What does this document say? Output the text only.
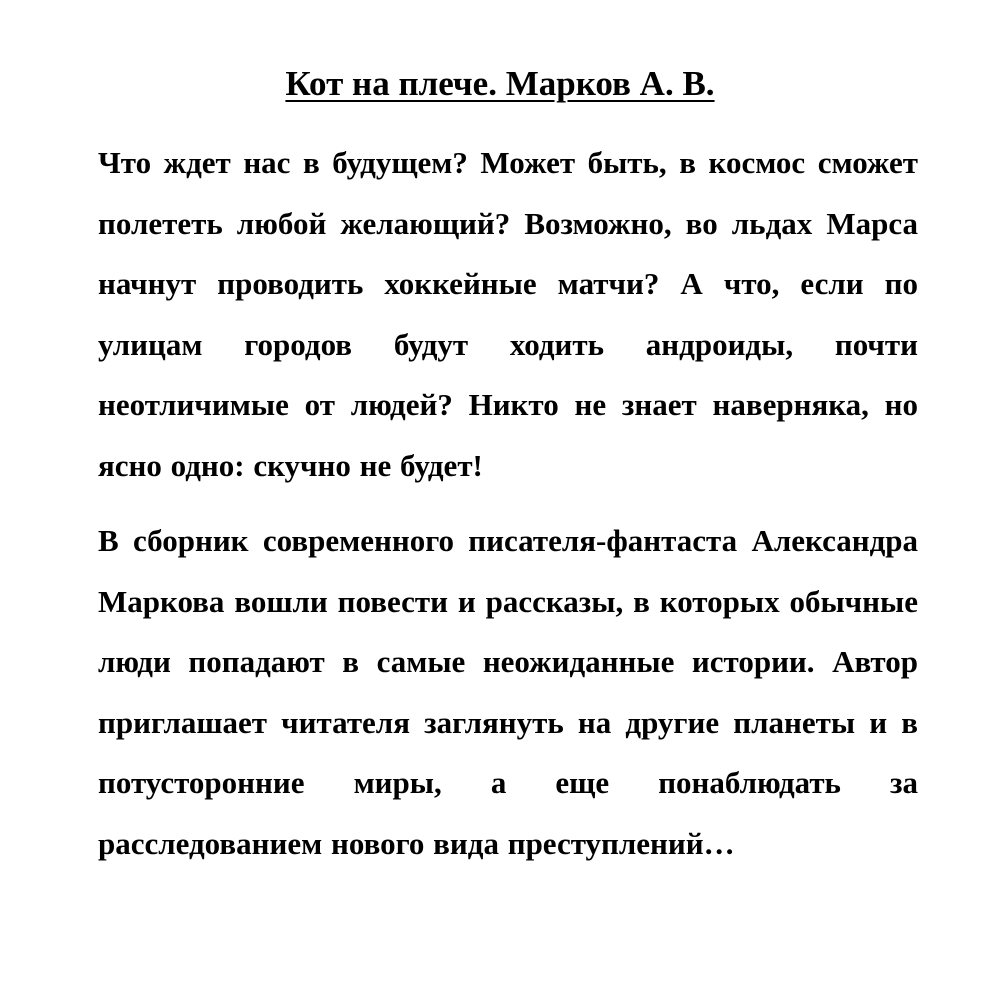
Кот на плече. Марков А. В.

Что ждет нас в будущем? Может быть, в космос сможет полететь любой желающий? Возможно, во льдах Марса начнут проводить хоккейные матчи? А что, если по улицам городов будут ходить андроиды, почти неотличимые от людей? Никто не знает наверняка, но ясно одно: скучно не будет!

В сборник современного писателя-фантаста Александра Маркова вошли повести и рассказы, в которых обычные люди попадают в самые неожиданные истории. Автор приглашает читателя заглянуть на другие планеты и в потусторонние миры, а еще понаблюдать за расследованием нового вида преступлений…
